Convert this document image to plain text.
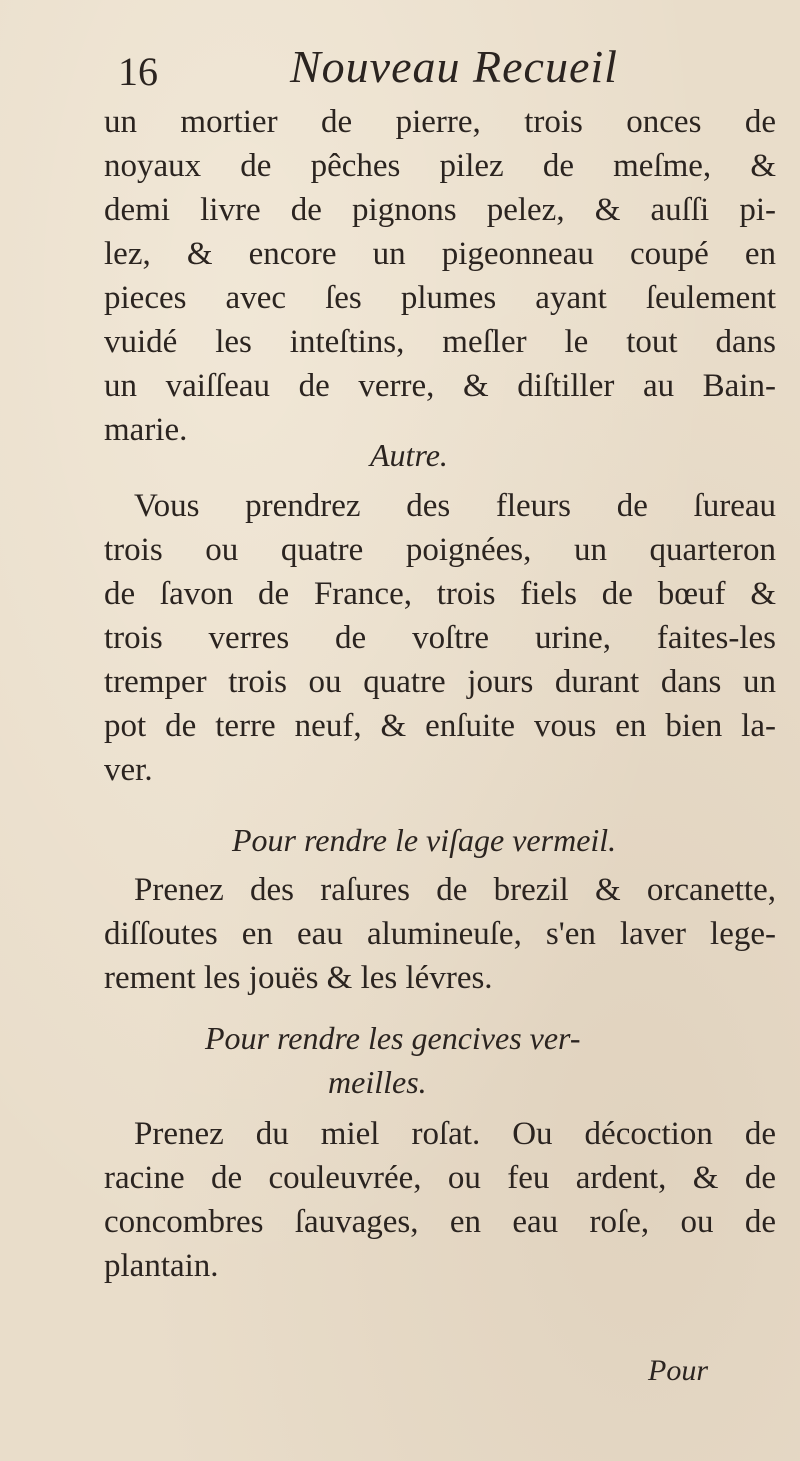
16	Nouveau Recueil
un mortier de pierre, trois onces de
noyaux de pêches pilez de meſme, &
demi livre de pignons pelez, & auſſi pi-
lez, & encore un pigeonneau coupé en
pieces avec ſes plumes ayant ſeulement
vuidé les inteſtins, meſler le tout dans
un vaiſſeau de verre, & diſtiller au Bain-
marie.
Autre.
Vous prendrez des fleurs de ſureau
trois ou quatre poignées, un quarteron
de ſavon de France, trois fiels de bœuf &
trois verres de voſtre urine, faites-les
tremper trois ou quatre jours durant dans un
pot de terre neuf, & enſuite vous en bien la-
ver.
Pour rendre le viſage vermeil.
Prenez des raſures de brezil & orcanette,
diſſoutes en eau alumineuſe, s'en laver lege-
rement les jouës & les lévres.
Pour rendre les gencives ver-
meilles.
Prenez du miel roſat. Ou décoction de
racine de couleuvrée, ou feu ardent, & de
concombres ſauvages, en eau roſe, ou de
plantain.
Pour
